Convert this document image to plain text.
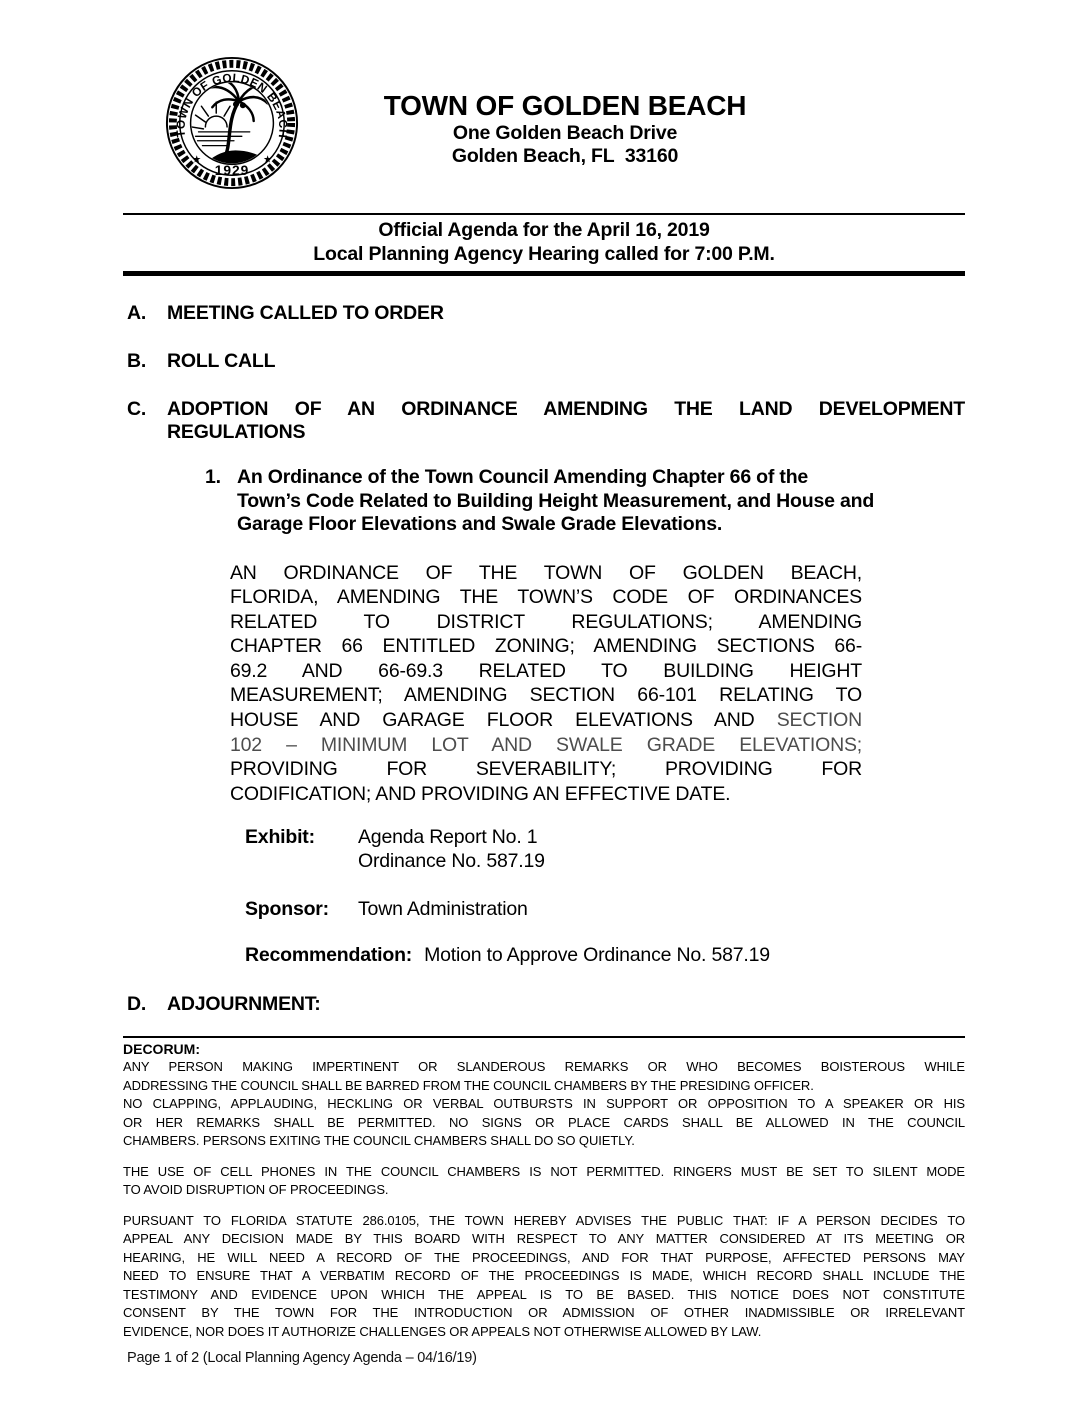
TOWN OF GOLDEN BEACH
★	★
1929
TOWN OF GOLDEN BEACH
One Golden Beach Drive
Golden Beach, FL  33160
Official Agenda for the April 16, 2019
Local Planning Agency Hearing called for 7:00 P.M.
A.	MEETING CALLED TO ORDER
B.	ROLL CALL
C.	ADOPTION OF AN ORDINANCE AMENDING THE LAND DEVELOPMENT
REGULATIONS
1. An Ordinance of the Town Council Amending Chapter 66 of the
Town’s Code Related to Building Height Measurement, and House and
Garage Floor Elevations and Swale Grade Elevations.
AN ORDINANCE OF THE TOWN OF GOLDEN BEACH,
FLORIDA, AMENDING THE TOWN’S CODE OF ORDINANCES
RELATED TO DISTRICT REGULATIONS; AMENDING
CHAPTER 66 ENTITLED ZONING; AMENDING SECTIONS 66-
69.2 AND 66-69.3 RELATED TO BUILDING HEIGHT
MEASUREMENT; AMENDING SECTION 66-101 RELATING TO
HOUSE AND GARAGE FLOOR ELEVATIONS AND SECTION
102 – MINIMUM LOT AND SWALE GRADE ELEVATIONS;
PROVIDING FOR SEVERABILITY; PROVIDING FOR
CODIFICATION; AND PROVIDING AN EFFECTIVE DATE.
Exhibit:	Agenda Report No. 1
Ordinance No. 587.19
Sponsor:	Town Administration
Recommendation: Motion to Approve Ordinance No. 587.19
D.	ADJOURNMENT:
DECORUM:
ANY PERSON MAKING IMPERTINENT OR SLANDEROUS REMARKS OR WHO BECOMES BOISTEROUS WHILE
ADDRESSING THE COUNCIL SHALL BE BARRED FROM THE COUNCIL CHAMBERS BY THE PRESIDING OFFICER.
NO CLAPPING, APPLAUDING, HECKLING OR VERBAL OUTBURSTS IN SUPPORT OR OPPOSITION TO A SPEAKER OR HIS
OR HER REMARKS SHALL BE PERMITTED. NO SIGNS OR PLACE CARDS SHALL BE ALLOWED IN THE COUNCIL
CHAMBERS. PERSONS EXITING THE COUNCIL CHAMBERS SHALL DO SO QUIETLY.
THE USE OF CELL PHONES IN THE COUNCIL CHAMBERS IS NOT PERMITTED. RINGERS MUST BE SET TO SILENT MODE
TO AVOID DISRUPTION OF PROCEEDINGS.
PURSUANT TO FLORIDA STATUTE 286.0105, THE TOWN HEREBY ADVISES THE PUBLIC THAT: IF A PERSON DECIDES TO
APPEAL ANY DECISION MADE BY THIS BOARD WITH RESPECT TO ANY MATTER CONSIDERED AT ITS MEETING OR
HEARING, HE WILL NEED A RECORD OF THE PROCEEDINGS, AND FOR THAT PURPOSE, AFFECTED PERSONS MAY
NEED TO ENSURE THAT A VERBATIM RECORD OF THE PROCEEDINGS IS MADE, WHICH RECORD SHALL INCLUDE THE
TESTIMONY AND EVIDENCE UPON WHICH THE APPEAL IS TO BE BASED. THIS NOTICE DOES NOT CONSTITUTE
CONSENT BY THE TOWN FOR THE INTRODUCTION OR ADMISSION OF OTHER INADMISSIBLE OR IRRELEVANT
EVIDENCE, NOR DOES IT AUTHORIZE CHALLENGES OR APPEALS NOT OTHERWISE ALLOWED BY LAW.
Page 1 of 2 (Local Planning Agency Agenda – 04/16/19)
